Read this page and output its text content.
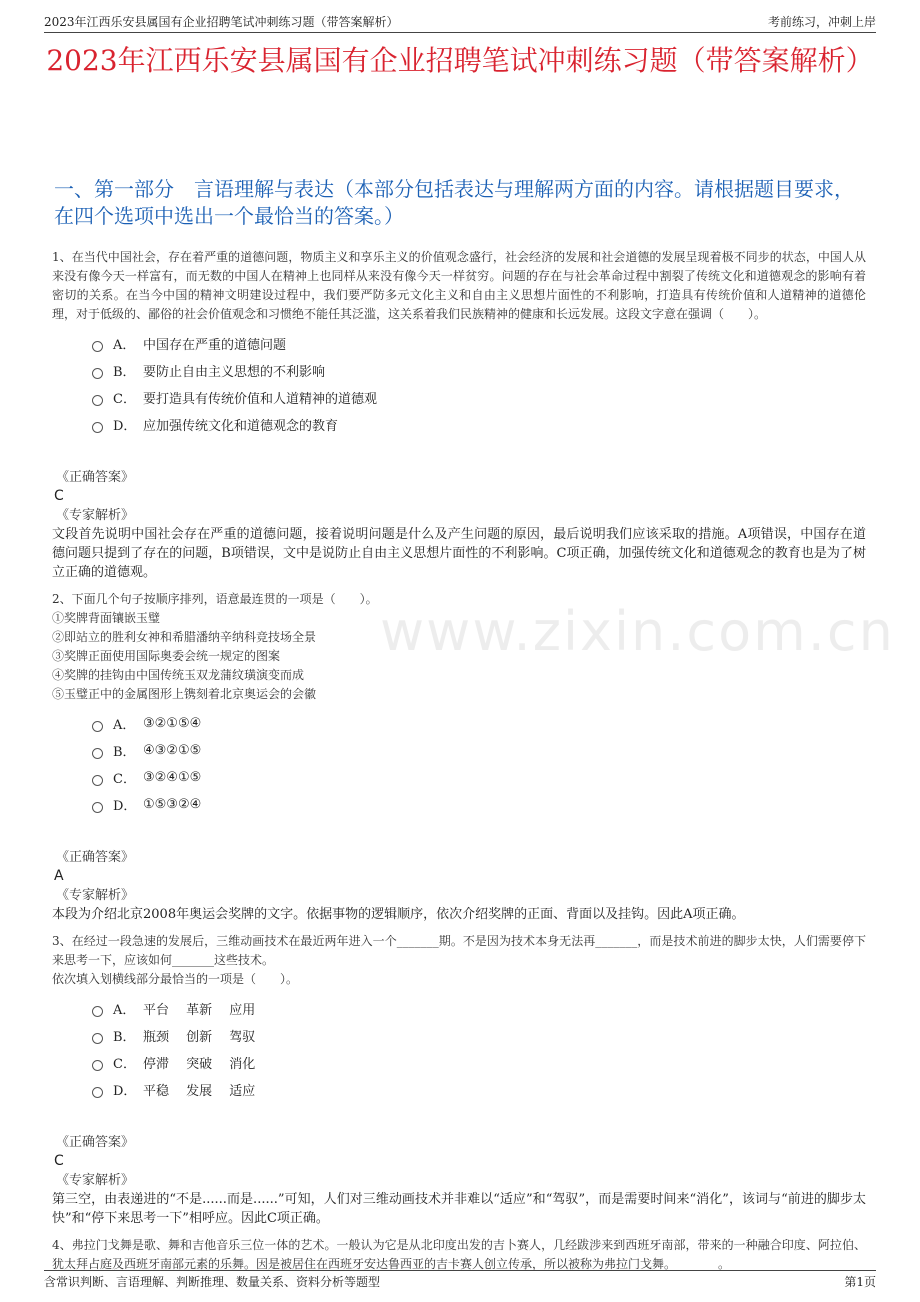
2023年江西乐安县属国有企业招聘笔试冲刺练习题（带答案解析）	考前练习，冲刺上岸
2023年江西乐安县属国有企业招聘笔试冲刺练习题（带答案解析）
一、第一部分　言语理解与表达（本部分包括表达与理解两方面的内容。请根据题目要求，在四个选项中选出一个最恰当的答案。）
www.zixin.com.cn

1、在当代中国社会，存在着严重的道德问题，物质主义和享乐主义的价值观念盛行，社会经济的发展和社会道德的发展呈现着极不同步的状态，中国人从来没有像今天一样富有，而无数的中国人在精神上也同样从来没有像今天一样贫穷。问题的存在与社会革命过程中割裂了传统文化和道德观念的影响有着密切的关系。在当今中国的精神文明建设过程中，我们要严防多元文化主义和自由主义思想片面性的不利影响，打造具有传统价值和人道精神的道德伦理，对于低级的、鄙俗的社会价值观念和习惯绝不能任其泛滥，这关系着我们民族精神的健康和长远发展。这段文字意在强调（　　）。

A． 中国存在严重的道德问题
B． 要防止自由主义思想的不利影响
C． 要打造具有传统价值和人道精神的道德观
D． 应加强传统文化和道德观念的教育

《正确答案》

C

《专家解析》

文段首先说明中国社会存在严重的道德问题，接着说明问题是什么及产生问题的原因，最后说明我们应该采取的措施。A项错误，中国存在道德问题只提到了存在的问题，B项错误，文中是说防止自由主义思想片面性的不利影响。C项正确，加强传统文化和道德观念的教育也是为了树立正确的道德观。

2、下面几个句子按顺序排列，语意最连贯的一项是（　　）。

①奖牌背面镶嵌玉璧

②即站立的胜利女神和希腊潘纳辛纳科竞技场全景

③奖牌正面使用国际奥委会统一规定的图案

④奖牌的挂钩由中国传统玉双龙蒲纹璜演变而成

⑤玉璧正中的金属图形上镌刻着北京奥运会的会徽

A． ③②①⑤④
B． ④③②①⑤
C． ③②④①⑤
D． ①⑤③②④

《正确答案》

A

《专家解析》

本段为介绍北京2008年奥运会奖牌的文字。依据事物的逻辑顺序，依次介绍奖牌的正面、背面以及挂钩。因此A项正确。

3、在经过一段急速的发展后，三维动画技术在最近两年进入一个_______期。不是因为技术本身无法再_______，而是技术前进的脚步太快，人们需要停下来思考一下，应该如何_______这些技术。

依次填入划横线部分最恰当的一项是（　　）。

A． 平台　 革新　 应用
B． 瓶颈　 创新　 驾驭
C． 停滞　 突破　 消化
D． 平稳　 发展　 适应

《正确答案》

C

《专家解析》

第三空，由表递进的“不是......而是......”可知，人们对三维动画技术并非难以“适应”和“驾驭”，而是需要时间来“消化”，该词与“前进的脚步太快”和“停下来思考一下”相呼应。因此C项正确。

4、弗拉门戈舞是歌、舞和吉他音乐三位一体的艺术。一般认为它是从北印度出发的吉卜赛人，几经跋涉来到西班牙南部，带来的一种融合印度、阿拉伯、犹太拜占庭及西班牙南部元素的乐舞。因是被居住在西班牙安达鲁西亚的吉卡赛人创立传承，所以被称为弗拉门戈舞。_______。

含常识判断、言语理解、判断推理、数量关系、资料分析等题型	第1页
